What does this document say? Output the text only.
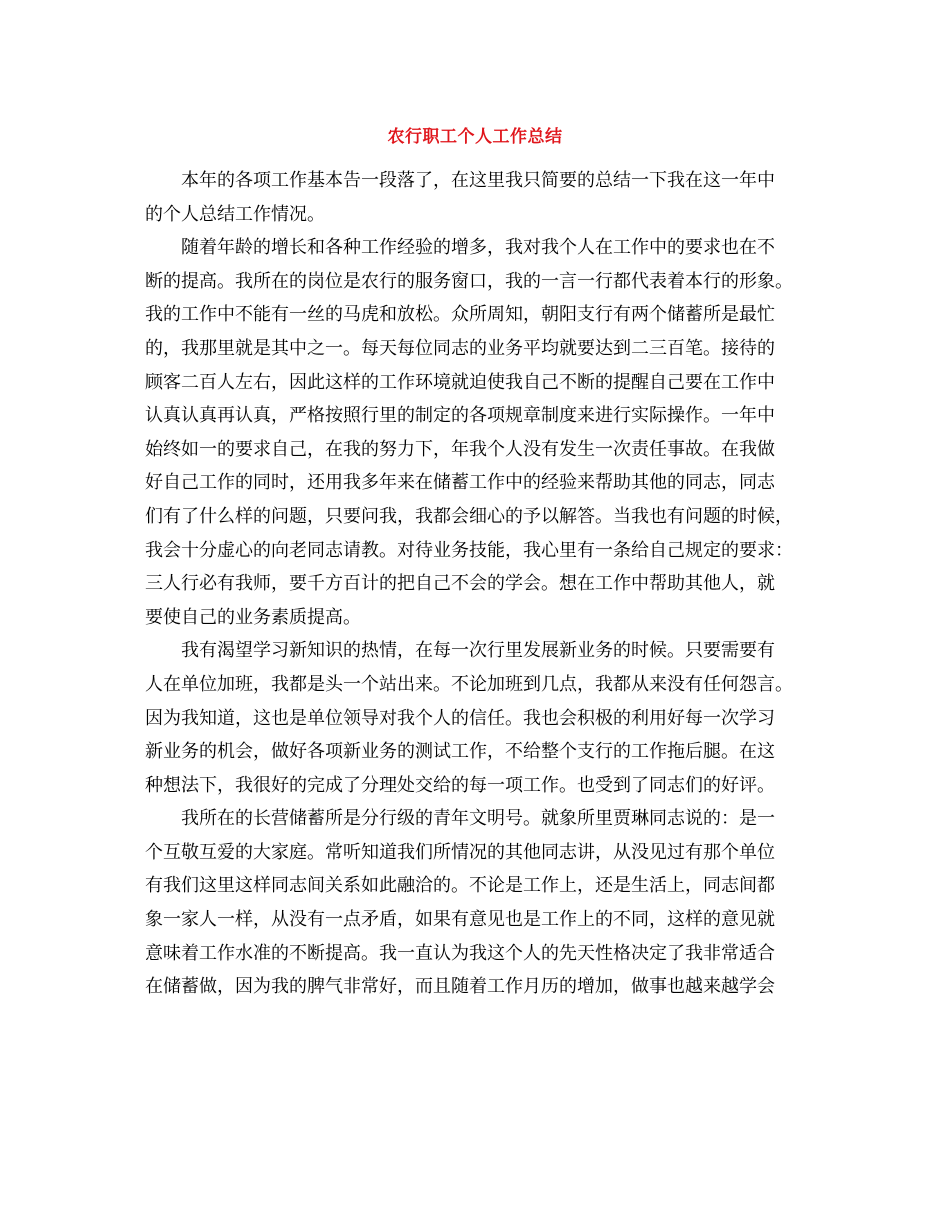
农行职工个人工作总结
本年的各项工作基本告一段落了，在这里我只简要的总结一下我在这一年中
的个人总结工作情况。
随着年龄的增长和各种工作经验的增多，我对我个人在工作中的要求也在不
断的提高。我所在的岗位是农行的服务窗口，我的一言一行都代表着本行的形象。
我的工作中不能有一丝的马虎和放松。众所周知，朝阳支行有两个储蓄所是最忙
的，我那里就是其中之一。每天每位同志的业务平均就要达到二三百笔。接待的
顾客二百人左右，因此这样的工作环境就迫使我自己不断的提醒自己要在工作中
认真认真再认真，严格按照行里的制定的各项规章制度来进行实际操作。一年中
始终如一的要求自己，在我的努力下，年我个人没有发生一次责任事故。在我做
好自己工作的同时，还用我多年来在储蓄工作中的经验来帮助其他的同志，同志
们有了什么样的问题，只要问我，我都会细心的予以解答。当我也有问题的时候，
我会十分虚心的向老同志请教。对待业务技能，我心里有一条给自己规定的要求：
三人行必有我师，要千方百计的把自己不会的学会。想在工作中帮助其他人，就
要使自己的业务素质提高。
我有渴望学习新知识的热情，在每一次行里发展新业务的时候。只要需要有
人在单位加班，我都是头一个站出来。不论加班到几点，我都从来没有任何怨言。
因为我知道，这也是单位领导对我个人的信任。我也会积极的利用好每一次学习
新业务的机会，做好各项新业务的测试工作，不给整个支行的工作拖后腿。在这
种想法下，我很好的完成了分理处交给的每一项工作。也受到了同志们的好评。
我所在的长营储蓄所是分行级的青年文明号。就象所里贾琳同志说的：是一
个互敬互爱的大家庭。常听知道我们所情况的其他同志讲，从没见过有那个单位
有我们这里这样同志间关系如此融洽的。不论是工作上，还是生活上，同志间都
象一家人一样，从没有一点矛盾，如果有意见也是工作上的不同，这样的意见就
意味着工作水准的不断提高。我一直认为我这个人的先天性格决定了我非常适合
在储蓄做，因为我的脾气非常好，而且随着工作月历的增加，做事也越来越学会
